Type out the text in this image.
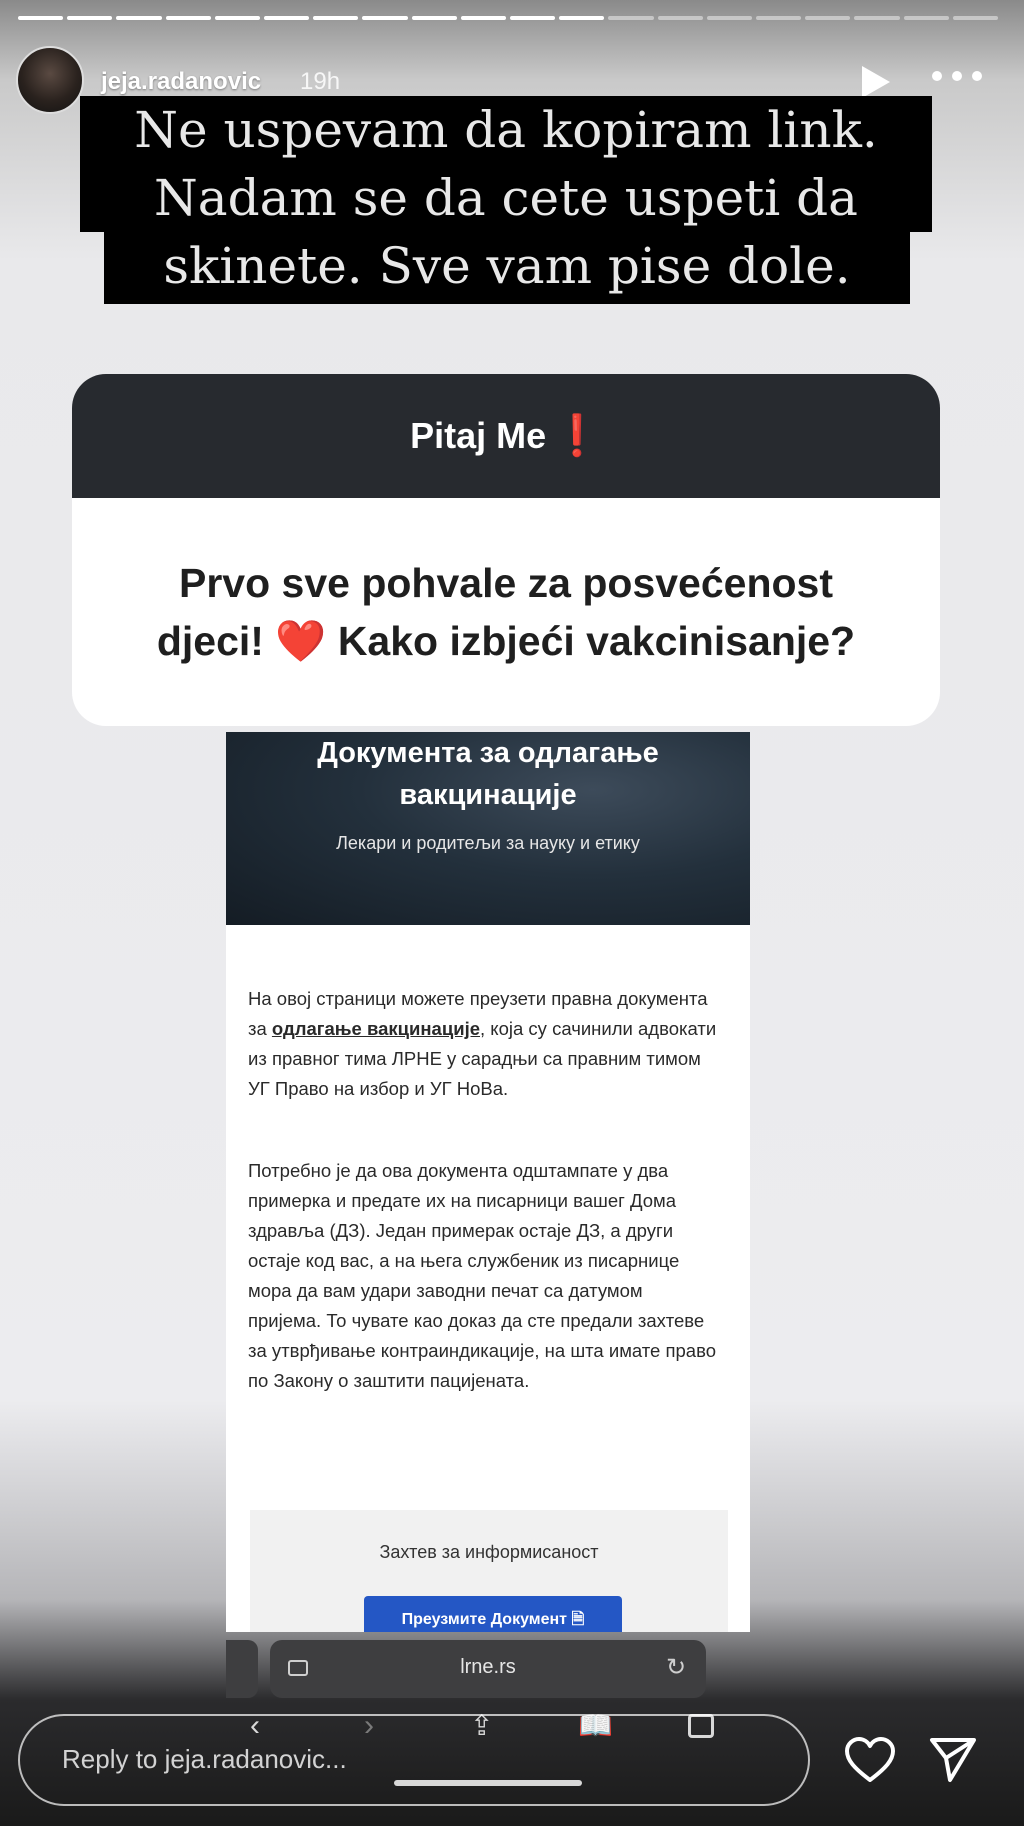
jeja.radanovic 19h
Ne uspevam da kopiram link.
Nadam se da cete uspeti da
skinete. Sve vam pise dole.
Pitaj Me ❗
Prvo sve pohvale za posvećenost
djeci! ❤️ Kako izbjeći vakcinisanje?
Документа за одлагање
вакцинације
Лекари и родитељи за науку и етику

На овој страници можете преузети правна документа за одлагање вакцинације, која су сачинили адвокати из правног тима ЛРНЕ у сарадњи са правним тимом УГ Право на избор и УГ НоВа.

Потребно је да ова документа одштампате у два примерка и предате их на писарници вашег Дома здравља (ДЗ). Један примерак остаје ДЗ, а други остаје код вас, а на њега службеник из писарнице мора да вам удари заводни печат са датумом пријема. То чувате као доказ да сте предали захтеве за утврђивање контраиндикације, на шта имате право по Закону о заштити пацијената.

Захтев за информисаност
Преузмите Документ 🗎
lrne.rs	↻
‹	›	⇪	📖
Reply to jeja.radanovic...
